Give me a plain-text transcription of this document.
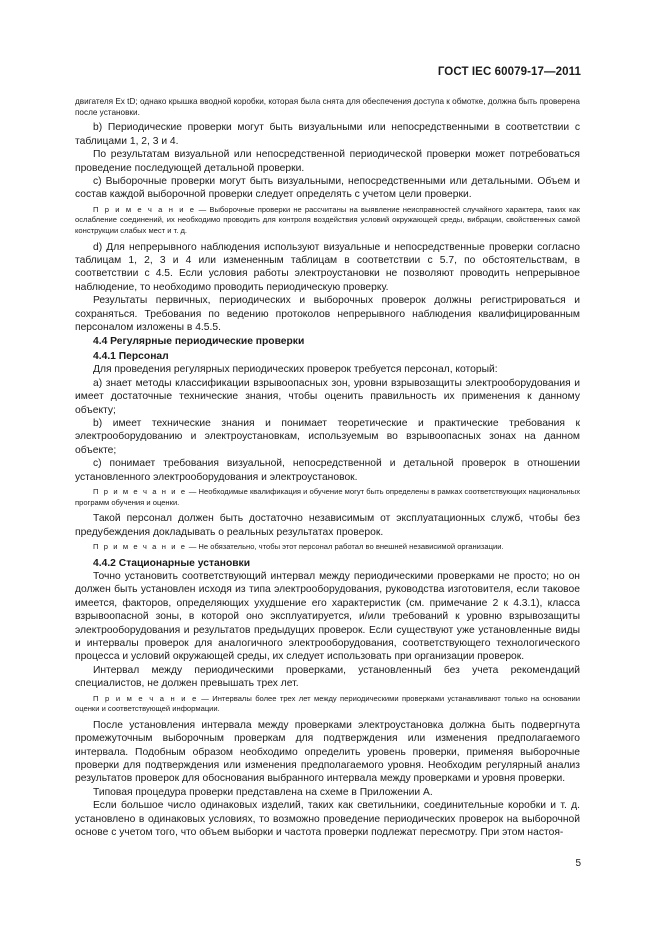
ГОСТ IEC 60079-17—2011

двигателя Ex tD; однако крышка вводной коробки, которая была снята для обеспечения доступа к обмотке, должна быть проверена после установки.

b) Периодические проверки могут быть визуальными или непосредственными в соответствии с таблицами 1, 2, 3 и 4.

По результатам визуальной или непосредственной периодической проверки может потребоваться проведение последующей детальной проверки.

c) Выборочные проверки могут быть визуальными, непосредственными или детальными. Объем и состав каждой выборочной проверки следует определять с учетом цели проверки.

П р и м е ч а н и е — Выборочные проверки не рассчитаны на выявление неисправностей случайного характера, таких как ослабление соединений, их необходимо проводить для контроля воздействия условий окружающей среды, вибрации, свойственных самой конструкции слабых мест и т. д.

d) Для непрерывного наблюдения используют визуальные и непосредственные проверки согласно таблицам 1, 2, 3 и 4 или измененным таблицам в соответствии с 5.7, по обстоятельствам, в соответствии с 4.5. Если условия работы электроустановки не позволяют проводить непрерывное наблюдение, то необходимо проводить периодическую проверку.

Результаты первичных, периодических и выборочных проверок должны регистрироваться и сохраняться. Требования по ведению протоколов непрерывного наблюдения квалифицированным персоналом изложены в 4.5.5.

4.4 Регулярные периодические проверки

4.4.1 Персонал

Для проведения регулярных периодических проверок требуется персонал, который:

a) знает методы классификации взрывоопасных зон, уровни взрывозащиты электрооборудования и имеет достаточные технические знания, чтобы оценить правильность их применения к данному объекту;

b) имеет технические знания и понимает теоретические и практические требования к электрооборудованию и электроустановкам, используемым во взрывоопасных зонах на данном объекте;

c) понимает требования визуальной, непосредственной и детальной проверок в отношении установленного электрооборудования и электроустановок.

П р и м е ч а н и е — Необходимые квалификация и обучение могут быть определены в рамках соответствующих национальных программ обучения и оценки.

Такой персонал должен быть достаточно независимым от эксплуатационных служб, чтобы без предубеждения докладывать о реальных результатах проверок.

П р и м е ч а н и е — Не обязательно, чтобы этот персонал работал во внешней независимой организации.

4.4.2 Стационарные установки

Точно установить соответствующий интервал между периодическими проверками не просто; но он должен быть установлен исходя из типа электрооборудования, руководства изготовителя, если таковое имеется, факторов, определяющих ухудшение его характеристик (см. примечание 2 к 4.3.1), класса взрывоопасной зоны, в которой оно эксплуатируется, и/или требований к уровню взрывозащиты электрооборудования и результатов предыдущих проверок. Если существуют уже установленные виды и интервалы проверок для аналогичного электрооборудования, соответствующего технологического процесса и условий окружающей среды, их следует использовать при организации проверок.

Интервал между периодическими проверками, установленный без учета рекомендаций специалистов, не должен превышать трех лет.

П р и м е ч а н и е — Интервалы более трех лет между периодическими проверками устанавливают только на основании оценки и соответствующей информации.

После установления интервала между проверками электроустановка должна быть подвергнута промежуточным выборочным проверкам для подтверждения или изменения предполагаемого интервала. Подобным образом необходимо определить уровень проверки, применяя выборочные проверки для подтверждения или изменения предполагаемого уровня. Необходим регулярный анализ результатов проверок для обоснования выбранного интервала между проверками и уровня проверки.

Типовая процедура проверки представлена на схеме в Приложении А.

Если большое число одинаковых изделий, таких как светильники, соединительные коробки и т. д. установлено в одинаковых условиях, то возможно проведение периодических проверок на выборочной основе с учетом того, что объем выборки и частота проверки подлежат пересмотру. При этом настоя-

5
